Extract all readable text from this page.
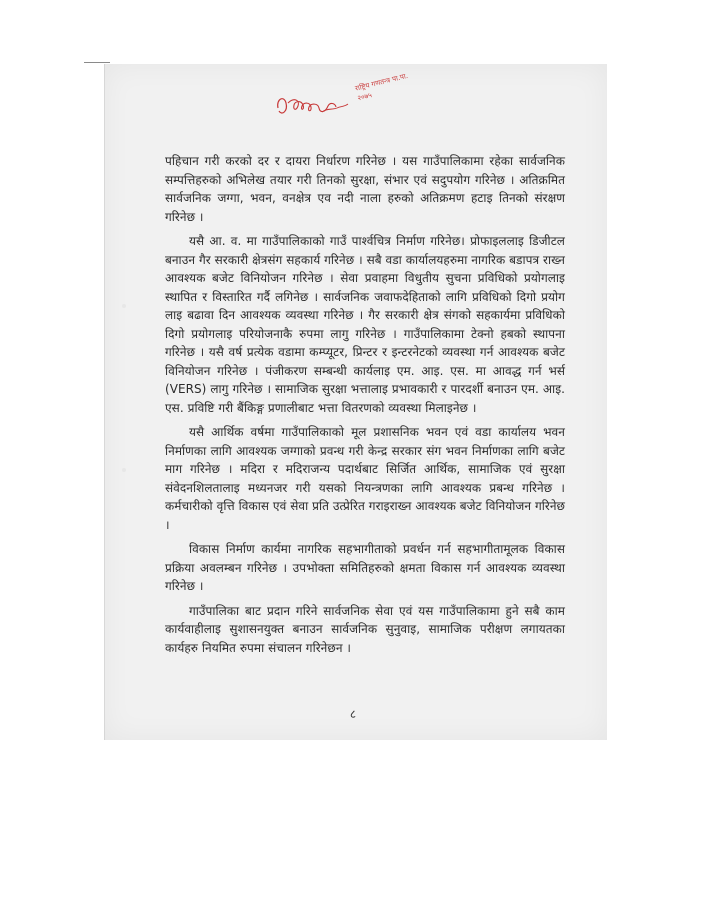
राष्ट्रिय गणतन्त्र पा.पा.
२०७५

पहिचान गरी करको दर र दायरा निर्धारण गरिनेछ । यस गाउँपालिकामा रहेका सार्वजनिक सम्पत्तिहरुको अभिलेख तयार गरी तिनको सुरक्षा, संभार एवं सदुपयोग गरिनेछ । अतिक्रमित सार्वजनिक जग्गा, भवन, वनक्षेत्र एव नदी नाला हरुको अतिक्रमण हटाइ तिनको संरक्षण गरिनेछ ।

यसै आ. व. मा गाउँपालिकाको गाउँ पार्श्वचित्र निर्माण गरिनेछ। प्रोफाइललाइ डिजीटल बनाउन गैर सरकारी क्षेत्रसंग सहकार्य गरिनेछ । सबै वडा कार्यालयहरुमा नागरिक बडापत्र राख्न आवश्यक बजेट विनियोजन गरिनेछ । सेवा प्रवाहमा विधुतीय सुचना प्रविधिको प्रयोगलाइ स्थापित र विस्तारित गर्दै लगिनेछ । सार्वजनिक जवाफदेहिताको लागि प्रविधिको दिगो प्रयोग लाइ बढावा दिन आवश्यक व्यवस्था गरिनेछ । गैर सरकारी क्षेत्र संगको सहकार्यमा प्रविधिको दिगो प्रयोगलाइ परियोजनाकै रुपमा लागु गरिनेछ । गाउँपालिकामा टेक्नो हबको स्थापना गरिनेछ । यसै वर्ष प्रत्येक वडामा कम्प्यूटर, प्रिन्टर र इन्टरनेटको व्यवस्था गर्न आवश्यक बजेट विनियोजन गरिनेछ । पंजीकरण सम्बन्धी कार्यलाइ एम. आइ. एस. मा आवद्ध गर्न भर्स (VERS) लागु गरिनेछ । सामाजिक सुरक्षा भत्तालाइ प्रभावकारी र पारदर्शी बनाउन एम. आइ. एस. प्रविष्टि गरी बैंकिङ्ग प्रणालीबाट भत्ता वितरणको व्यवस्था मिलाइनेछ ।

यसै आर्थिक वर्षमा गाउँपालिकाको मूल प्रशासनिक भवन एवं वडा कार्यालय भवन निर्माणका लागि आवश्यक जग्गाको प्रवन्ध गरी केन्द्र सरकार संग भवन निर्माणका लागि बजेट माग गरिनेछ । मदिरा र मदिराजन्य पदार्थबाट सिर्जित आर्थिक, सामाजिक एवं सुरक्षा संवेदनशिलतालाइ मध्यनजर गरी यसको नियन्त्रणका लागि आवश्यक प्रबन्ध गरिनेछ । कर्मचारीको वृत्ति विकास एवं सेवा प्रति उत्प्रेरित गराइराख्न आवश्यक बजेट विनियोजन गरिनेछ ।

विकास निर्माण कार्यमा नागरिक सहभागीताको प्रवर्धन गर्न सहभागीतामूलक विकास प्रक्रिया अवलम्बन गरिनेछ । उपभोक्ता समितिहरुको क्षमता विकास गर्न आवश्यक व्यवस्था गरिनेछ ।

गाउँपालिका बाट प्रदान गरिने सार्वजनिक सेवा एवं यस गाउँपालिकामा हुने सबै काम कार्यवाहीलाइ सुशासनयुक्त बनाउन सार्वजनिक सुनुवाइ, सामाजिक परीक्षण लगायतका कार्यहरु नियमित रुपमा संचालन गरिनेछन ।

८
